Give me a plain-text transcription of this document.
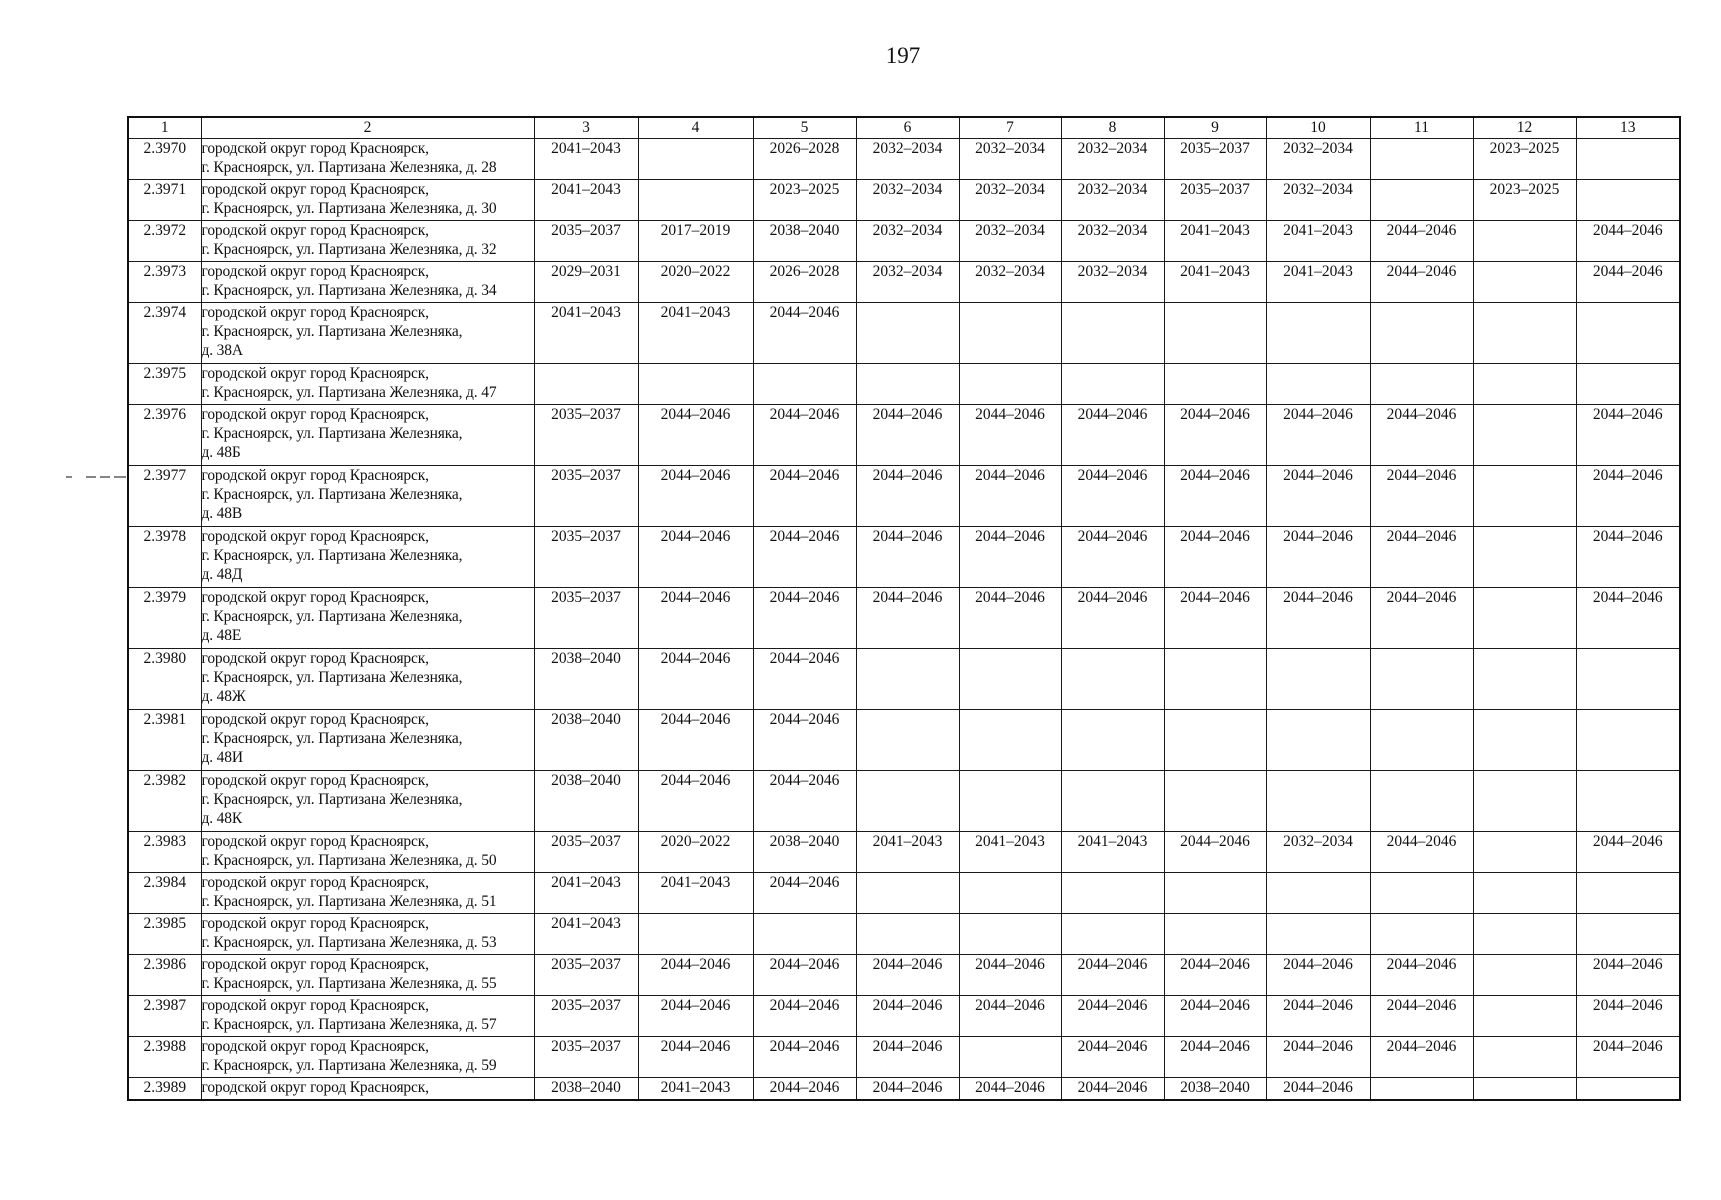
197
1	2	3	4	5	6	7	8	9	10	11	12	13
2.3970	городской округ город Красноярск,
г. Красноярск, ул. Партизана Железняка, д. 28	2041–2043		2026–2028	2032–2034	2032–2034	2032–2034	2035–2037	2032–2034		2023–2025	
2.3971	городской округ город Красноярск,
г. Красноярск, ул. Партизана Железняка, д. 30	2041–2043		2023–2025	2032–2034	2032–2034	2032–2034	2035–2037	2032–2034		2023–2025	
2.3972	городской округ город Красноярск,
г. Красноярск, ул. Партизана Железняка, д. 32	2035–2037	2017–2019	2038–2040	2032–2034	2032–2034	2032–2034	2041–2043	2041–2043	2044–2046		2044–2046
2.3973	городской округ город Красноярск,
г. Красноярск, ул. Партизана Железняка, д. 34	2029–2031	2020–2022	2026–2028	2032–2034	2032–2034	2032–2034	2041–2043	2041–2043	2044–2046		2044–2046
2.3974	городской округ город Красноярск,
г. Красноярск, ул. Партизана Железняка,
д. 38А	2041–2043	2041–2043	2044–2046								
2.3975	городской округ город Красноярск,
г. Красноярск, ул. Партизана Железняка, д. 47											

2.3976	городской округ город Красноярск,
г. Красноярск, ул. Партизана Железняка,
д. 48Б	2035–2037	2044–2046	2044–2046	2044–2046	2044–2046	2044–2046	2044–2046	2044–2046	2044–2046		2044–2046
2.3977	городской округ город Красноярск,
г. Красноярск, ул. Партизана Железняка,
д. 48В	2035–2037	2044–2046	2044–2046	2044–2046	2044–2046	2044–2046	2044–2046	2044–2046	2044–2046		2044–2046
2.3978	городской округ город Красноярск,
г. Красноярск, ул. Партизана Железняка,
д. 48Д	2035–2037	2044–2046	2044–2046	2044–2046	2044–2046	2044–2046	2044–2046	2044–2046	2044–2046		2044–2046
2.3979	городской округ город Красноярск,
г. Красноярск, ул. Партизана Железняка,
д. 48Е	2035–2037	2044–2046	2044–2046	2044–2046	2044–2046	2044–2046	2044–2046	2044–2046	2044–2046		2044–2046
2.3980	городской округ город Красноярск,
г. Красноярск, ул. Партизана Железняка,
д. 48Ж	2038–2040	2044–2046	2044–2046								
2.3981	городской округ город Красноярск,
г. Красноярск, ул. Партизана Железняка,
д. 48И	2038–2040	2044–2046	2044–2046								
2.3982	городской округ город Красноярск,
г. Красноярск, ул. Партизана Железняка,
д. 48К	2038–2040	2044–2046	2044–2046								
2.3983	городской округ город Красноярск,
г. Красноярск, ул. Партизана Железняка, д. 50	2035–2037	2020–2022	2038–2040	2041–2043	2041–2043	2041–2043	2044–2046	2032–2034	2044–2046		2044–2046
2.3984	городской округ город Красноярск,
г. Красноярск, ул. Партизана Железняка, д. 51	2041–2043	2041–2043	2044–2046								
2.3985	городской округ город Красноярск,
г. Красноярск, ул. Партизана Железняка, д. 53	2041–2043										
2.3986	городской округ город Красноярск,
г. Красноярск, ул. Партизана Железняка, д. 55	2035–2037	2044–2046	2044–2046	2044–2046	2044–2046	2044–2046	2044–2046	2044–2046	2044–2046		2044–2046
2.3987	городской округ город Красноярск,
г. Красноярск, ул. Партизана Железняка, д. 57	2035–2037	2044–2046	2044–2046	2044–2046	2044–2046	2044–2046	2044–2046	2044–2046	2044–2046		2044–2046
2.3988	городской округ город Красноярск,
г. Красноярск, ул. Партизана Железняка, д. 59	2035–2037	2044–2046	2044–2046	2044–2046		2044–2046	2044–2046	2044–2046	2044–2046		2044–2046
2.3989	городской округ город Красноярск,	2038–2040	2041–2043	2044–2046	2044–2046	2044–2046	2044–2046	2038–2040	2044–2046			
